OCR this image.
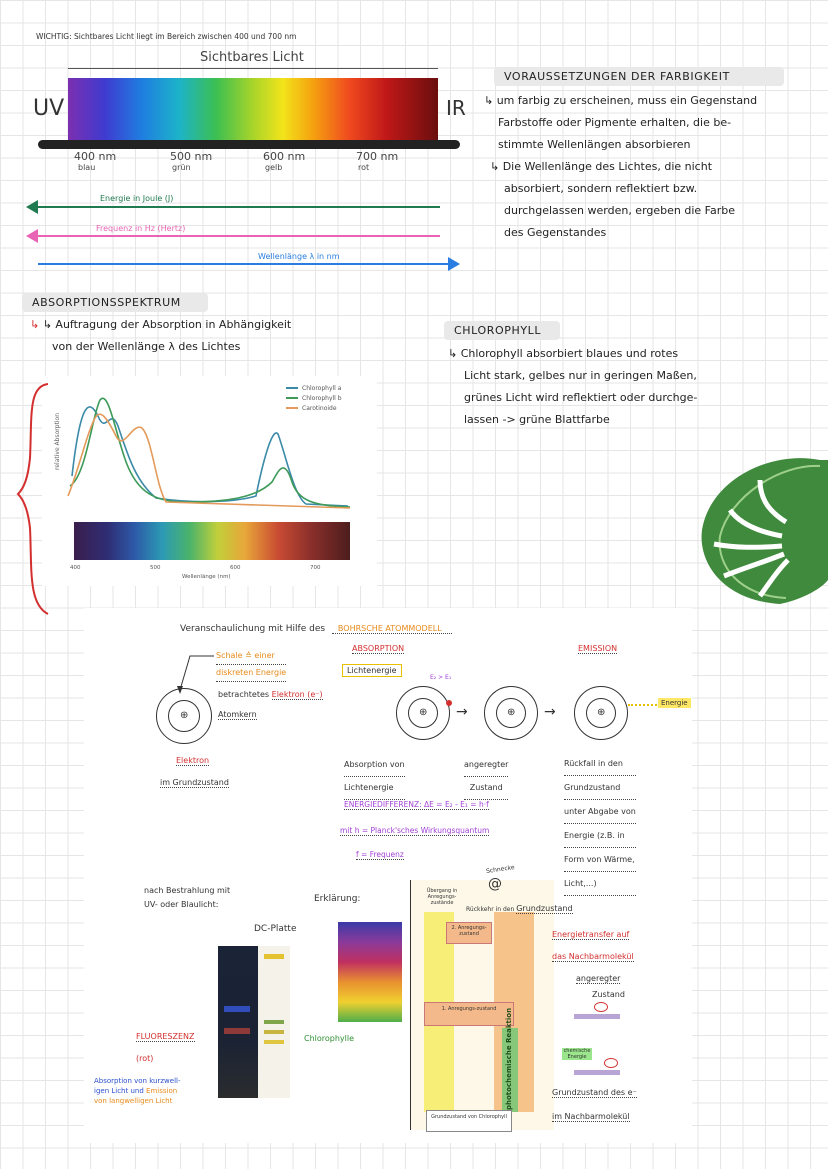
WICHTIG: Sichtbares Licht liegt im Bereich zwischen 400 und 700 nm
Sichtbares Licht
UV	IR
400 nm
blau
500 nm
grün
600 nm
gelb
700 nm
rot
Energie in Joule (J)
Frequenz in Hz (Hertz)
Wellenlänge λ in nm
VORAUSSETZUNGEN DER FARBIGKEIT
↳ um farbig zu erscheinen, muss ein Gegenstand
Farbstoffe oder Pigmente erhalten, die be-
stimmte Wellenlängen absorbieren
↳ Die Wellenlänge des Lichtes, die nicht
absorbiert, sondern reflektiert bzw.
durchgelassen werden, ergeben die Farbe
des Gegenstandes
ABSORPTIONSSPEKTRUM
↳ ↳ Auftragung der Absorption in Abhängigkeit
von der Wellenlänge λ des Lichtes
relative Absorption
Chlorophyll a
Chlorophyll b
Carotinoide
400	500	600	700
Wellenlänge (nm)
CHLOROPHYLL
↳ Chlorophyll absorbiert blaues und rotes
Licht stark, gelbes nur in geringen Maßen,
grünes Licht wird reflektiert oder durchge-
lassen -> grüne Blattfarbe
Veranschaulichung mit Hilfe des BOHRSCHE ATOMMODELL
Schale ≙ einer
diskreten Energie
betrachtetes Elektron (e⁻)
Atomkern
⊕
ABSORPTION
Lichtenergie
E₂ > E₁
⊕ →	⊕ →
EMISSION
⊕
Energie
Elektron
im Grundzustand
Absorption von
Lichtenergie
angeregter
Zustand
Rückfall in den
Grundzustand
unter Abgabe von
Energie (z.B. in
Form von Wärme,
Licht,...)
ENERGIEDIFFERENZ: ΔE = E₂ - E₁ = h·f
mit h = Planck'sches Wirkungsquantum
f = Frequenz
nach Bestrahlung mit
UV- oder Blaulicht:
Erklärung:
DC-Platte
Chlorophylle
FLUORESZENZ
(rot)
Absorption von kurzwell-
igen Licht und Emission
von langwelligen Licht
Übergang in Anregungs-zustände
Rückkehr in den Grundzustand
2. Anregungs-zustand
1. Anregungs-zustand
Grundzustand von Chlorophyll
photochemische Reaktion
@
Schnecke
Energietransfer auf
das Nachbarmolekül
angeregter
Zustand
chemische Energie
Grundzustand des e⁻
im Nachbarmolekül
